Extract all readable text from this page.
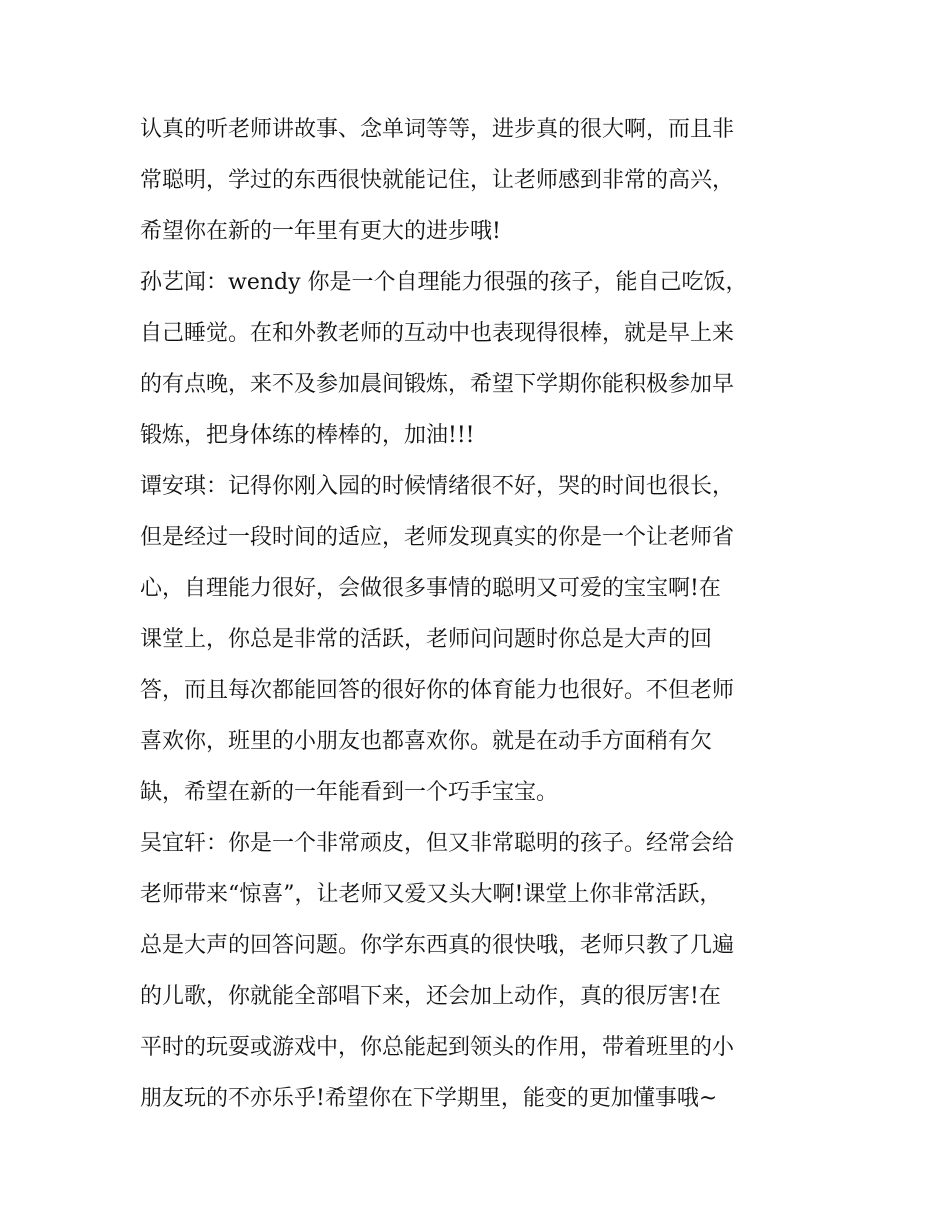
认真的听老师讲故事、念单词等等，进步真的很大啊，而且非
常聪明，学过的东西很快就能记住，让老师感到非常的高兴，
希望你在新的一年里有更大的进步哦!
孙艺闻：wendy 你是一个自理能力很强的孩子，能自己吃饭，
自己睡觉。在和外教老师的互动中也表现得很棒，就是早上来
的有点晚，来不及参加晨间锻炼，希望下学期你能积极参加早
锻炼，把身体练的棒棒的，加油!!!
谭安琪：记得你刚入园的时候情绪很不好，哭的时间也很长，
但是经过一段时间的适应，老师发现真实的你是一个让老师省
心，自理能力很好，会做很多事情的聪明又可爱的宝宝啊!在
课堂上，你总是非常的活跃，老师问问题时你总是大声的回
答，而且每次都能回答的很好你的体育能力也很好。不但老师
喜欢你，班里的小朋友也都喜欢你。就是在动手方面稍有欠
缺，希望在新的一年能看到一个巧手宝宝。
吴宜轩：你是一个非常顽皮，但又非常聪明的孩子。经常会给
老师带来“惊喜”，让老师又爱又头大啊!课堂上你非常活跃，
总是大声的回答问题。你学东西真的很快哦，老师只教了几遍
的儿歌，你就能全部唱下来，还会加上动作，真的很厉害!在
平时的玩耍或游戏中，你总能起到领头的作用，带着班里的小
朋友玩的不亦乐乎!希望你在下学期里，能变的更加懂事哦~
